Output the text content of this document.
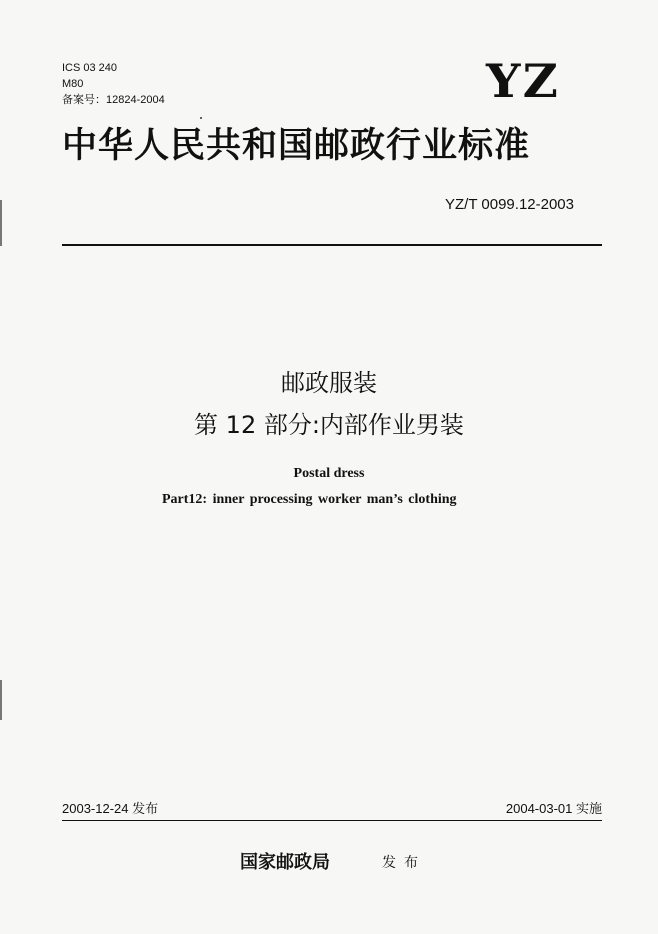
ICS 03 240
M80
备案号：12824-2004	YZ
中华人民共和国邮政行业标准
YZ/T 0099.12-2003
邮政服装
第 12 部分:内部作业男装
Postal dress
Part12: inner processing worker man’s clothing
2003-12-24 发布	2004-03-01 实施
国家邮政局	发布
